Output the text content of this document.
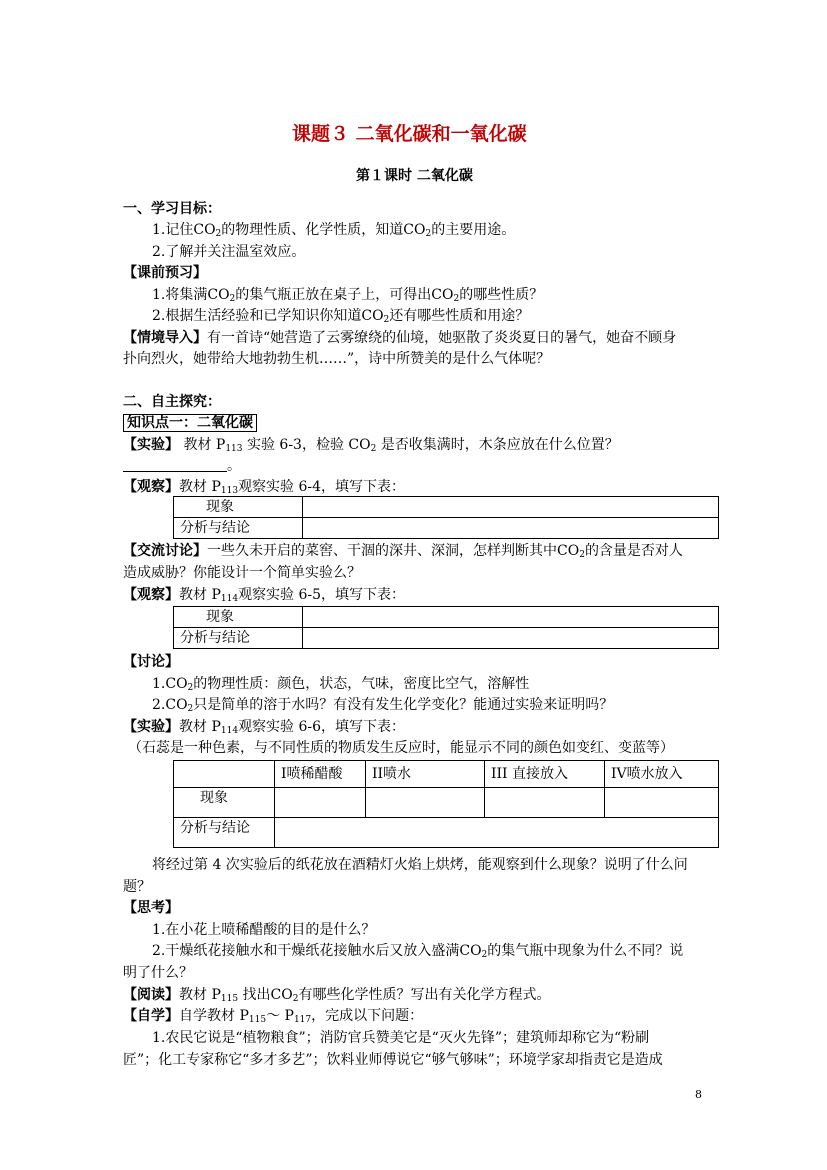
课题３ 二氧化碳和一氧化碳
第１课时 二氧化碳
一、学习目标：
1.记住$CO_2$的物理性质、化学性质，知道$CO_2$的主要用途。
2.了解并关注温室效应。
【课前预习】
1.将集满$CO_2$的集气瓶正放在桌子上，可得出$CO_2$的哪些性质？
2.根据生活经验和已学知识你知道$CO_2$还有哪些性质和用途？
【情境导入】有一首诗“她营造了云雾缭绕的仙境，她驱散了炎炎夏日的暑气，她奋不顾身
扑向烈火，她带给大地勃勃生机……”，诗中所赞美的是什么气体呢？
二、自主探究：
知识点一：二氧化碳
【实验】 教材 $P_{113}$ 实验 6-3，检验 $CO_2$ 是否收集满时，木条应放在什么位置？
。
【观察】教材 $P_{113}$观察实验 6-4，填写下表：
现象	
分析与结论	
【交流讨论】一些久未开启的菜窖、干涸的深井、深洞，怎样判断其中$CO_2$的含量是否对人
造成威胁？你能设计一个简单实验么？
【观察】教材 $P_{114}$观察实验 6-5，填写下表：
现象	
分析与结论	
【讨论】
$1.CO_2$的物理性质：颜色，状态，气味，密度比空气，溶解性
$2.CO_2$只是简单的溶于水吗？有没有发生化学变化？能通过实验来证明吗？
【实验】教材 $P_{114}$观察实验 6-6，填写下表：
（石蕊是一种色素，与不同性质的物质发生反应时，能显示不同的颜色如变红、变蓝等）
	I喷稀醋酸	II喷水	III 直接放入	IV喷水放入
现象				
分析与结论				
将经过第 4 次实验后的纸花放在酒精灯火焰上烘烤，能观察到什么现象？说明了什么问
题？
【思考】
1.在小花上喷稀醋酸的目的是什么？
2.干燥纸花接触水和干燥纸花接触水后又放入盛满$CO_2$的集气瓶中现象为什么不同？说
明了什么？
【阅读】教材 $P_{115}$ 找出$CO_2$有哪些化学性质？写出有关化学方程式。
【自学】自学教材 $P_{115}\sim$ $P_{117}$，完成以下问题：
1.农民它说是“植物粮食”；消防官兵赞美它是“灭火先锋”；建筑师却称它为“粉刷
匠”；化工专家称它“多才多艺”；饮料业师傅说它“够气够味”；环境学家却指责它是造成
8
